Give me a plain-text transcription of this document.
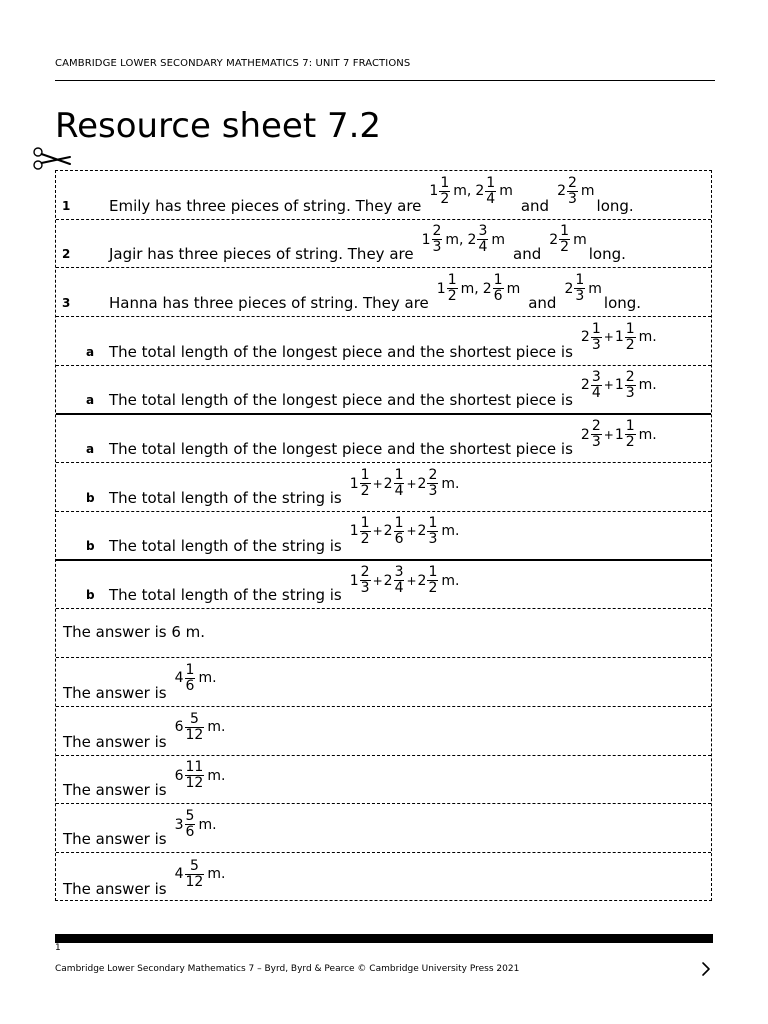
CAMBRIDGE LOWER SECONDARY MATHEMATICS 7: UNIT 7 FRACTIONS
Resource sheet 7.2
1	Emily has three pieces of string. They are
$1 \frac{1}{2} m$, $2 \frac{1}{4}$ m
and
$2 \frac{2}{3}$ m
long.
2	Jagir has three pieces of string. They are
$1 \frac{2}{3} m$, $2 \frac{3}{4}$ m
and
$2 \frac{1}{2}$ m
long.
3	Hanna has three pieces of string. They are
$1 \frac{1}{2} m$, $2 \frac{1}{6}$ m
and
$2 \frac{1}{3}$ m
long.
a The total length of the longest piece and the shortest piece is
$2 \frac{1}{3} + 1 \frac{1}{2} m$.
a The total length of the longest piece and the shortest piece is
$2 \frac{3}{4} + 1 \frac{2}{3} m$.
a The total length of the longest piece and the shortest piece is
$2 \frac{2}{3} + 1 \frac{1}{2} m$.
b The total length of the string is
$1 \frac{1}{2} + 2 \frac{1}{4} + 2 \frac{2}{3} m$.
b The total length of the string is
$1 \frac{1}{2} + 2 \frac{1}{6} + 2 \frac{1}{3} m$.
b The total length of the string is
$1 \frac{2}{3} + 2 \frac{3}{4} + 2 \frac{1}{2} m$.
The answer is 6 m.
The answer is
$4 \frac{1}{6} m$.
The answer is
$6 \frac{5}{12} m$.
The answer is
$6 \frac{11}{12} m$.
The answer is
$3 \frac{5}{6} m$.
The answer is
$4 \frac{5}{12} m$.
1
Cambridge Lower Secondary Mathematics 7 – Byrd, Byrd & Pearce © Cambridge University Press 2021
